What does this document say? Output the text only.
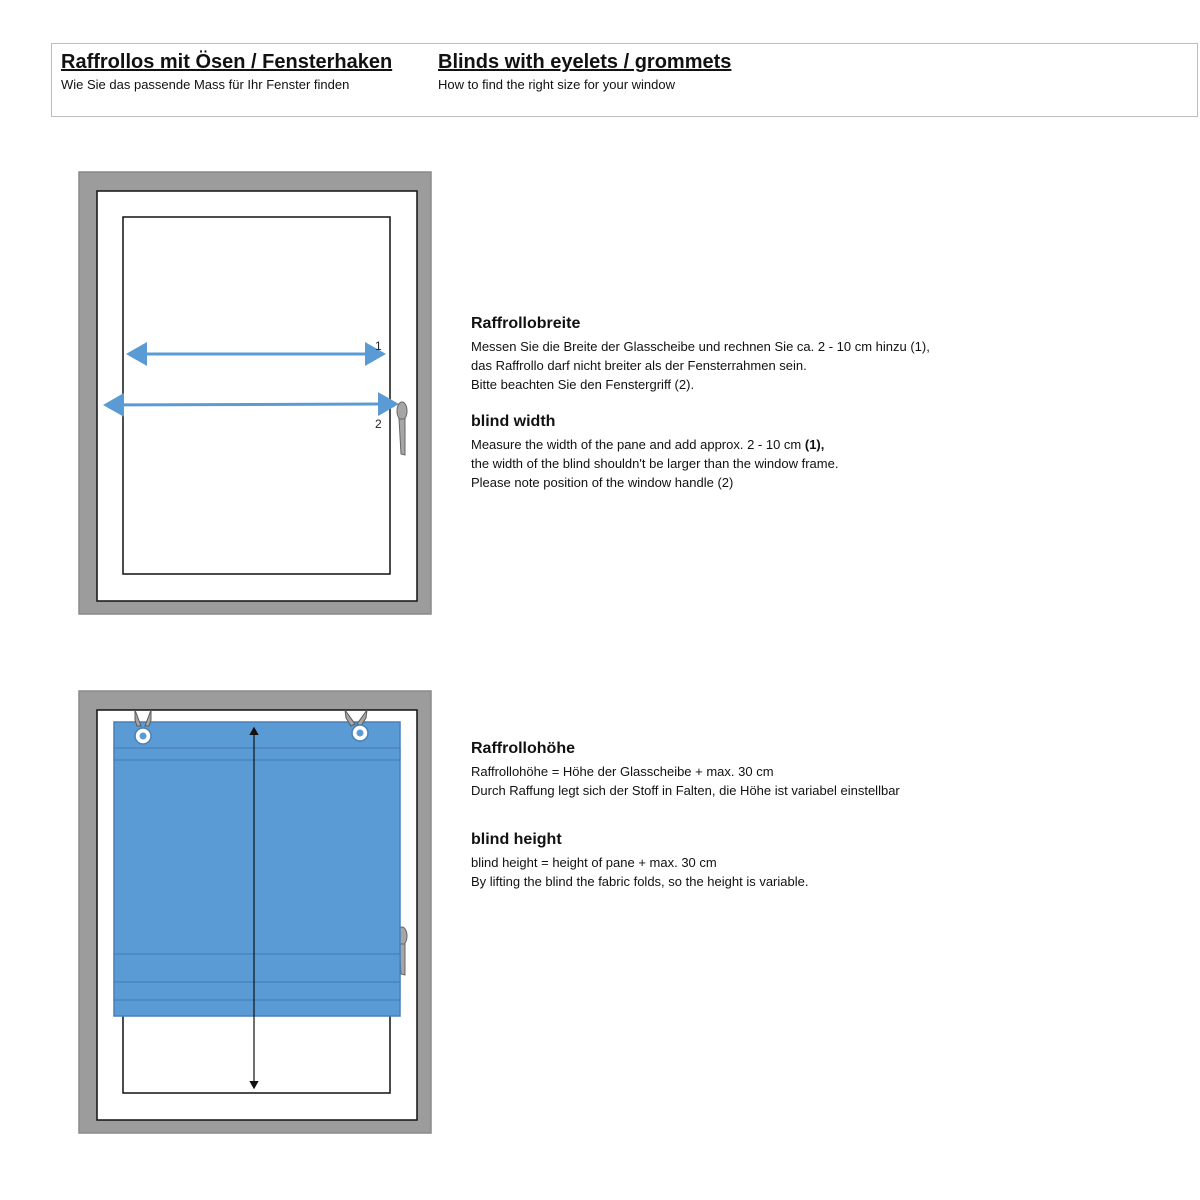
Raffrollos mit Ösen / Fensterhaken
Wie Sie das passende Mass für Ihr Fenster finden
Blinds with eyelets / grommets
How to find the right size for your window
1
2
Raffrollobreite
Messen Sie die Breite der Glasscheibe und rechnen Sie ca. 2 - 10 cm hinzu (1),
das Raffrollo darf nicht breiter als der Fensterrahmen sein.
Bitte beachten Sie den Fenstergriff (2).
blind width
Measure the width of the pane and add approx. 2 - 10 cm (1),
the width of the blind shouldn't be larger than the window frame.
Please note position of the window handle (2)
Raffrollohöhe
Raffrollohöhe = Höhe der Glasscheibe + max. 30 cm
Durch Raffung legt sich der Stoff in Falten, die Höhe ist variabel einstellbar
blind height
blind height = height of pane + max. 30 cm
By lifting the blind the fabric folds, so the height is variable.
